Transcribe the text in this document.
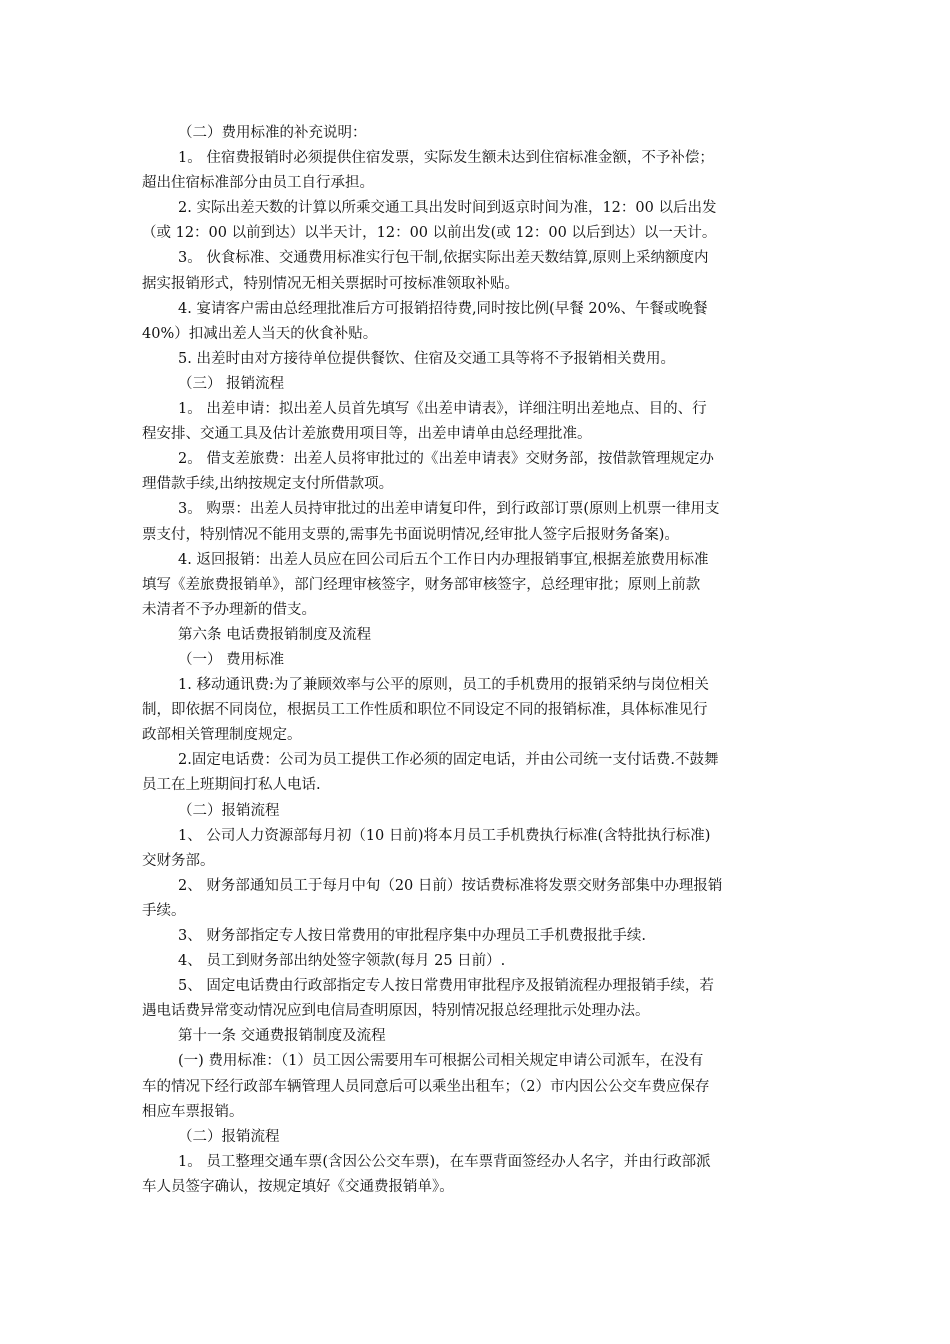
（二）费用标准的补充说明：
1。 住宿费报销时必须提供住宿发票，实际发生额未达到住宿标准金额，不予补偿；
超出住宿标准部分由员工自行承担。
2. 实际出差天数的计算以所乘交通工具出发时间到返京时间为准，12：00 以后出发
（或 12：00 以前到达）以半天计，12：00 以前出发(或 12：00 以后到达）以一天计。
3。 伙食标准、交通费用标准实行包干制,依据实际出差天数结算,原则上采纳额度内
据实报销形式，特别情况无相关票据时可按标准领取补贴。
4. 宴请客户需由总经理批准后方可报销招待费,同时按比例(早餐 20%、午餐或晚餐
40%）扣减出差人当天的伙食补贴。
5. 出差时由对方接待单位提供餐饮、住宿及交通工具等将不予报销相关费用。
（三） 报销流程
1。 出差申请：拟出差人员首先填写《出差申请表》，详细注明出差地点、目的、行
程安排、交通工具及估计差旅费用项目等，出差申请单由总经理批准。
2。 借支差旅费：出差人员将审批过的《出差申请表》交财务部，按借款管理规定办
理借款手续,出纳按规定支付所借款项。
3。 购票：出差人员持审批过的出差申请复印件，到行政部订票(原则上机票一律用支
票支付，特别情况不能用支票的,需事先书面说明情况,经审批人签字后报财务备案)。
4. 返回报销：出差人员应在回公司后五个工作日内办理报销事宜,根据差旅费用标准
填写《差旅费报销单》，部门经理审核签字，财务部审核签字，总经理审批；原则上前款
未清者不予办理新的借支。
第六条 电话费报销制度及流程
（一） 费用标准
1. 移动通讯费:为了兼顾效率与公平的原则，员工的手机费用的报销采纳与岗位相关
制，即依据不同岗位，根据员工工作性质和职位不同设定不同的报销标准，具体标准见行
政部相关管理制度规定。
2.固定电话费：公司为员工提供工作必须的固定电话，并由公司统一支付话费.不鼓舞
员工在上班期间打私人电话.
（二）报销流程
1、 公司人力资源部每月初（10 日前)将本月员工手机费执行标准(含特批执行标准)
交财务部。
2、 财务部通知员工于每月中旬（20 日前）按话费标准将发票交财务部集中办理报销
手续。
3、 财务部指定专人按日常费用的审批程序集中办理员工手机费报批手续.
4、 员工到财务部出纳处签字领款(每月 25 日前）.
5、 固定电话费由行政部指定专人按日常费用审批程序及报销流程办理报销手续，若
遇电话费异常变动情况应到电信局查明原因，特别情况报总经理批示处理办法。
第十一条 交通费报销制度及流程
(一) 费用标准：（1）员工因公需要用车可根据公司相关规定申请公司派车，在没有
车的情况下经行政部车辆管理人员同意后可以乘坐出租车；（2）市内因公公交车费应保存
相应车票报销。
（二）报销流程
1。 员工整理交通车票(含因公公交车票)，在车票背面签经办人名字，并由行政部派
车人员签字确认，按规定填好《交通费报销单》。
